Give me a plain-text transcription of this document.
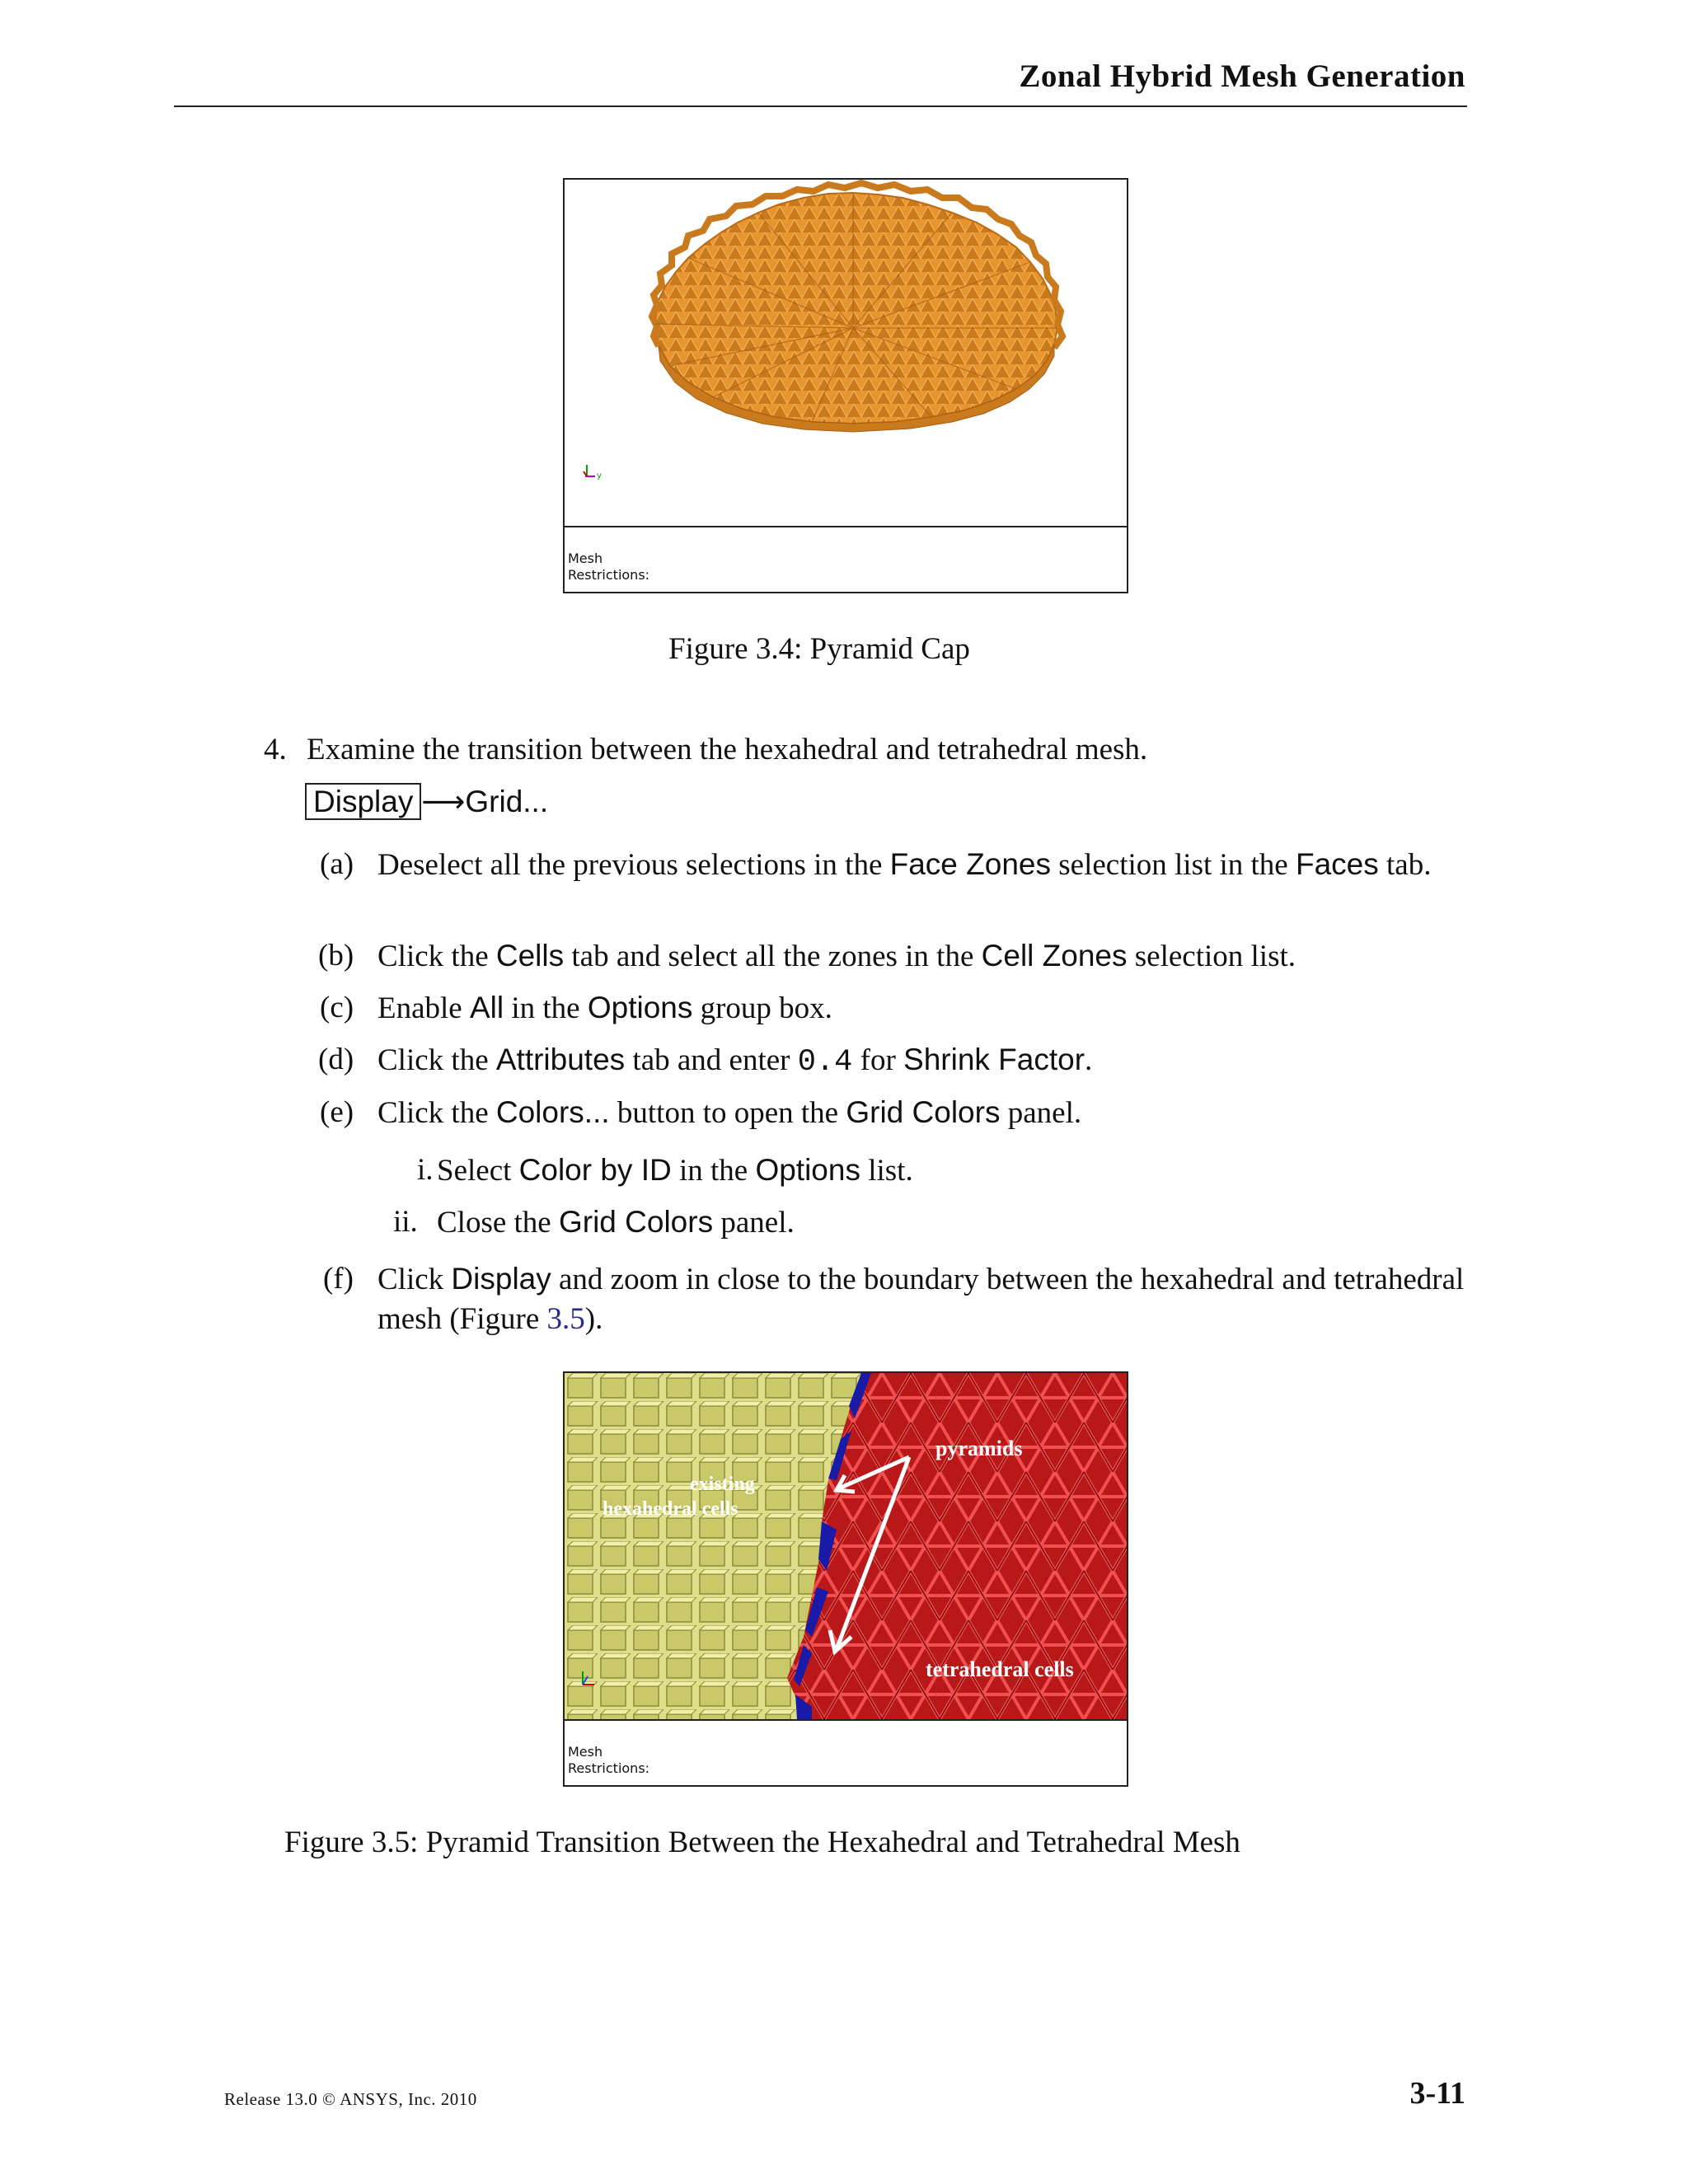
Zonal Hybrid Mesh Generation
y
Mesh
Restrictions:
Figure 3.4: Pyramid Cap
4. Examine the transition between the hexahedral and tetrahedral mesh.
Display ⟶Grid...
(a) Deselect all the previous selections in the Face Zones selection list in the Faces tab.
(b) Click the Cells tab and select all the zones in the Cell Zones selection list.
(c) Enable All in the Options group box.
(d) Click the Attributes tab and enter 0.4 for Shrink Factor.
(e) Click the Colors... button to open the Grid Colors panel.
i. Select Color by ID in the Options list.
ii. Close the Grid Colors panel.
(f) Click Display and zoom in close to the boundary between the hexahedral and tetrahedral mesh (Figure 3.5).
pyramids
existing
hexahedral cells
tetrahedral cells
Mesh
Restrictions:
Figure 3.5: Pyramid Transition Between the Hexahedral and Tetrahedral Mesh
Release 13.0 © ANSYS, Inc. 2010	3-11
